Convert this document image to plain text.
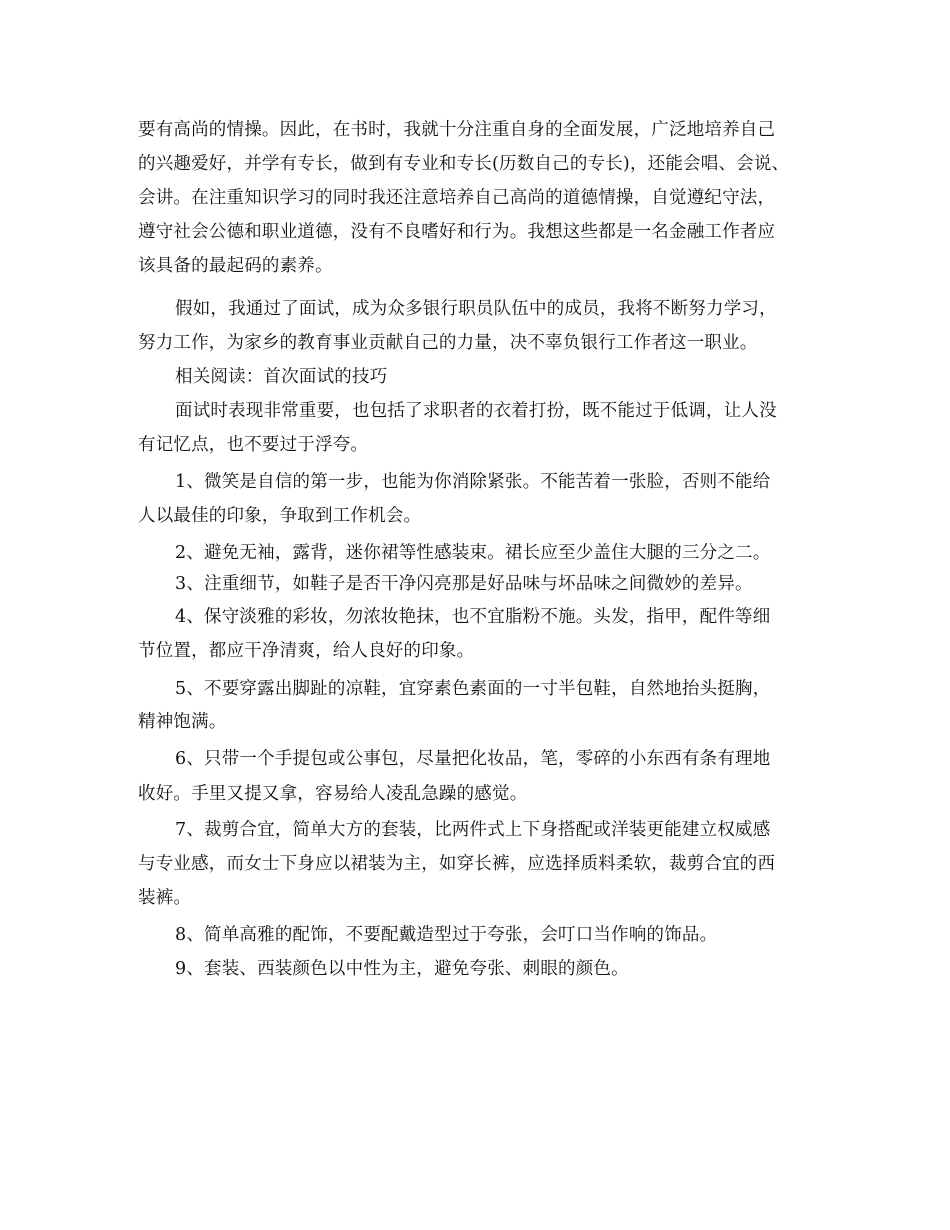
要有高尚的情操。因此，在书时，我就十分注重自身的全面发展，广泛地培养自己
的兴趣爱好，并学有专长，做到有专业和专长(历数自己的专长)，还能会唱、会说、
会讲。在注重知识学习的同时我还注意培养自己高尚的道德情操，自觉遵纪守法，
遵守社会公德和职业道德，没有不良嗜好和行为。我想这些都是一名金融工作者应
该具备的最起码的素养。
假如，我通过了面试，成为众多银行职员队伍中的成员，我将不断努力学习，
努力工作，为家乡的教育事业贡献自己的力量，决不辜负银行工作者这一职业。
相关阅读：首次面试的技巧
面试时表现非常重要，也包括了求职者的衣着打扮，既不能过于低调，让人没
有记忆点，也不要过于浮夸。
1、微笑是自信的第一步，也能为你消除紧张。不能苦着一张脸，否则不能给
人以最佳的印象，争取到工作机会。
2、避免无袖，露背，迷你裙等性感装束。裙长应至少盖住大腿的三分之二。
3、注重细节，如鞋子是否干净闪亮那是好品味与坏品味之间微妙的差异。
4、保守淡雅的彩妆，勿浓妆艳抹，也不宜脂粉不施。头发，指甲，配件等细
节位置，都应干净清爽，给人良好的印象。
5、不要穿露出脚趾的凉鞋，宜穿素色素面的一寸半包鞋，自然地抬头挺胸，
精神饱满。
6、只带一个手提包或公事包，尽量把化妆品，笔，零碎的小东西有条有理地
收好。手里又提又拿，容易给人凌乱急躁的感觉。
7、裁剪合宜，简单大方的套装，比两件式上下身搭配或洋装更能建立权威感
与专业感，而女士下身应以裙装为主，如穿长裤，应选择质料柔软，裁剪合宜的西
装裤。
8、简单高雅的配饰，不要配戴造型过于夸张，会叮口当作响的饰品。
9、套装、西装颜色以中性为主，避免夸张、刺眼的颜色。
